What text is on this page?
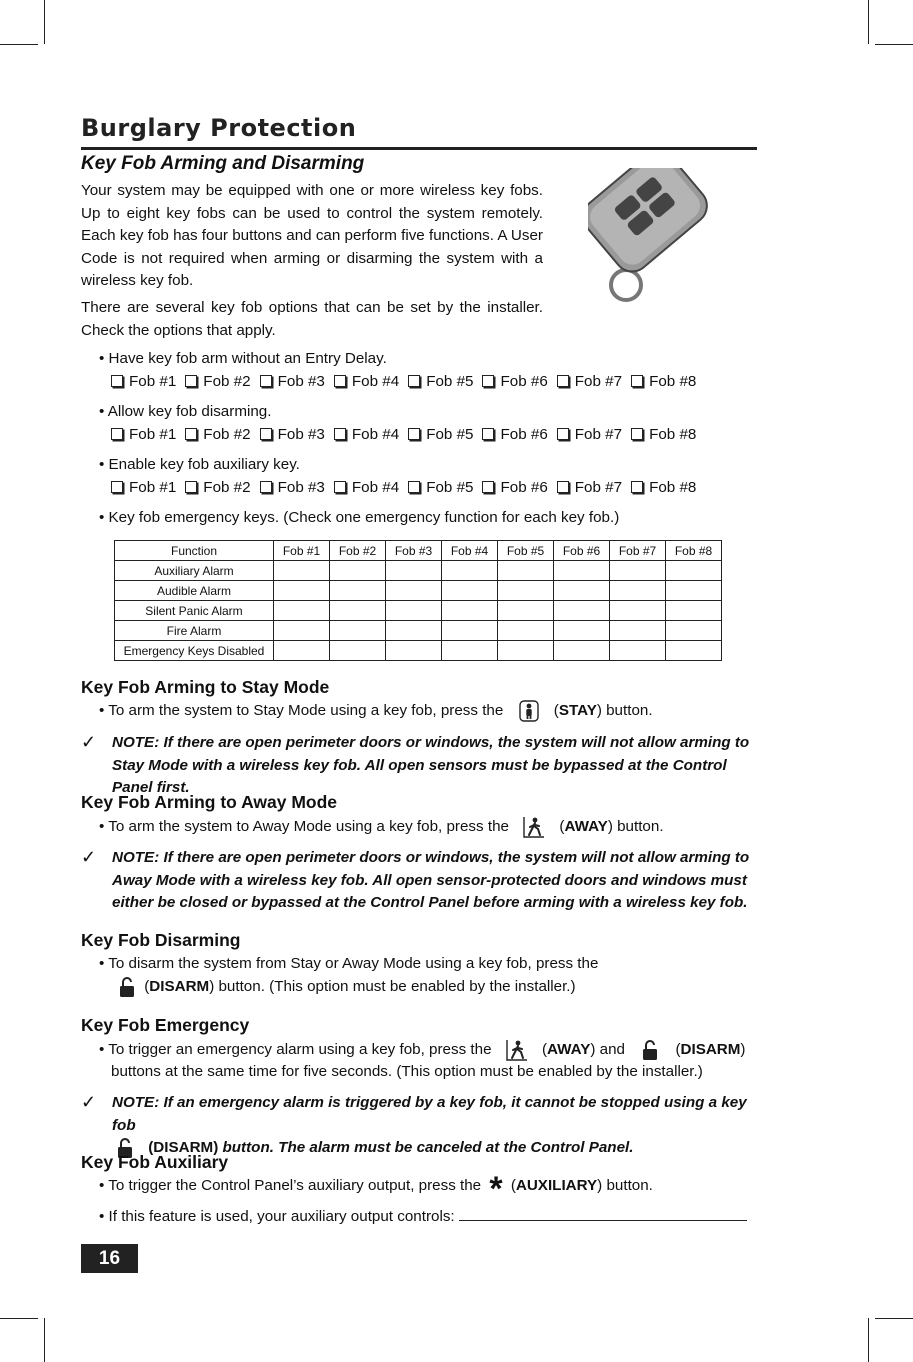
Burglary Protection
Key Fob Arming and Disarming
Your system may be equipped with one or more wireless key fobs. Up to eight key fobs can be used to control the system remotely. Each key fob has four buttons and can perform five functions. A User Code is not required when arming or disarming the system with a wireless key fob.
There are several key fob options that can be set by the installer. Check the options that apply.
• Have key fob arm without an Entry Delay.
Fob #1	Fob #2	Fob #3	Fob #4	Fob #5	Fob #6	Fob #7	Fob #8
• Allow key fob disarming.
Fob #1	Fob #2	Fob #3	Fob #4	Fob #5	Fob #6	Fob #7	Fob #8
• Enable key fob auxiliary key.
Fob #1	Fob #2	Fob #3	Fob #4	Fob #5	Fob #6	Fob #7	Fob #8
• Key fob emergency keys. (Check one emergency function for each key fob.)
Function	Fob #1	Fob #2	Fob #3	Fob #4	Fob #5	Fob #6	Fob #7	Fob #8
Auxiliary Alarm								
Audible Alarm								
Silent Panic Alarm								
Fire Alarm								
Emergency Keys Disabled								
Key Fob Arming to Stay Mode
• To arm the system to Stay Mode using a key fob, press the	(STAY) button.
✓ NOTE: If there are open perimeter doors or windows, the system will not allow arming to Stay Mode with a wireless key fob. All open sensors must be bypassed at the Control Panel first.
Key Fob Arming to Away Mode
• To arm the system to Away Mode using a key fob, press the	(AWAY) button.
✓ NOTE: If there are open perimeter doors or windows, the system will not allow arming to Away Mode with a wireless key fob. All open sensor-protected doors and windows must either be closed or bypassed at the Control Panel before arming with a wireless key fob.
Key Fob Disarming
• To disarm the system from Stay or Away Mode using a key fob, press the
(DISARM) button. (This option must be enabled by the installer.)
Key Fob Emergency
• To trigger an emergency alarm using a key fob, press the	(AWAY) and	(DISARM)
buttons at the same time for five seconds. (This option must be enabled by the installer.)
✓ NOTE: If an emergency alarm is triggered by a key fob, it cannot be stopped using a key fob
(DISARM) button. The alarm must be canceled at the Control Panel.
Key Fob Auxiliary
• To trigger the Control Panel’s auxiliary output, press the * (AUXILIARY) button.
• If this feature is used, your auxiliary output controls:
16
